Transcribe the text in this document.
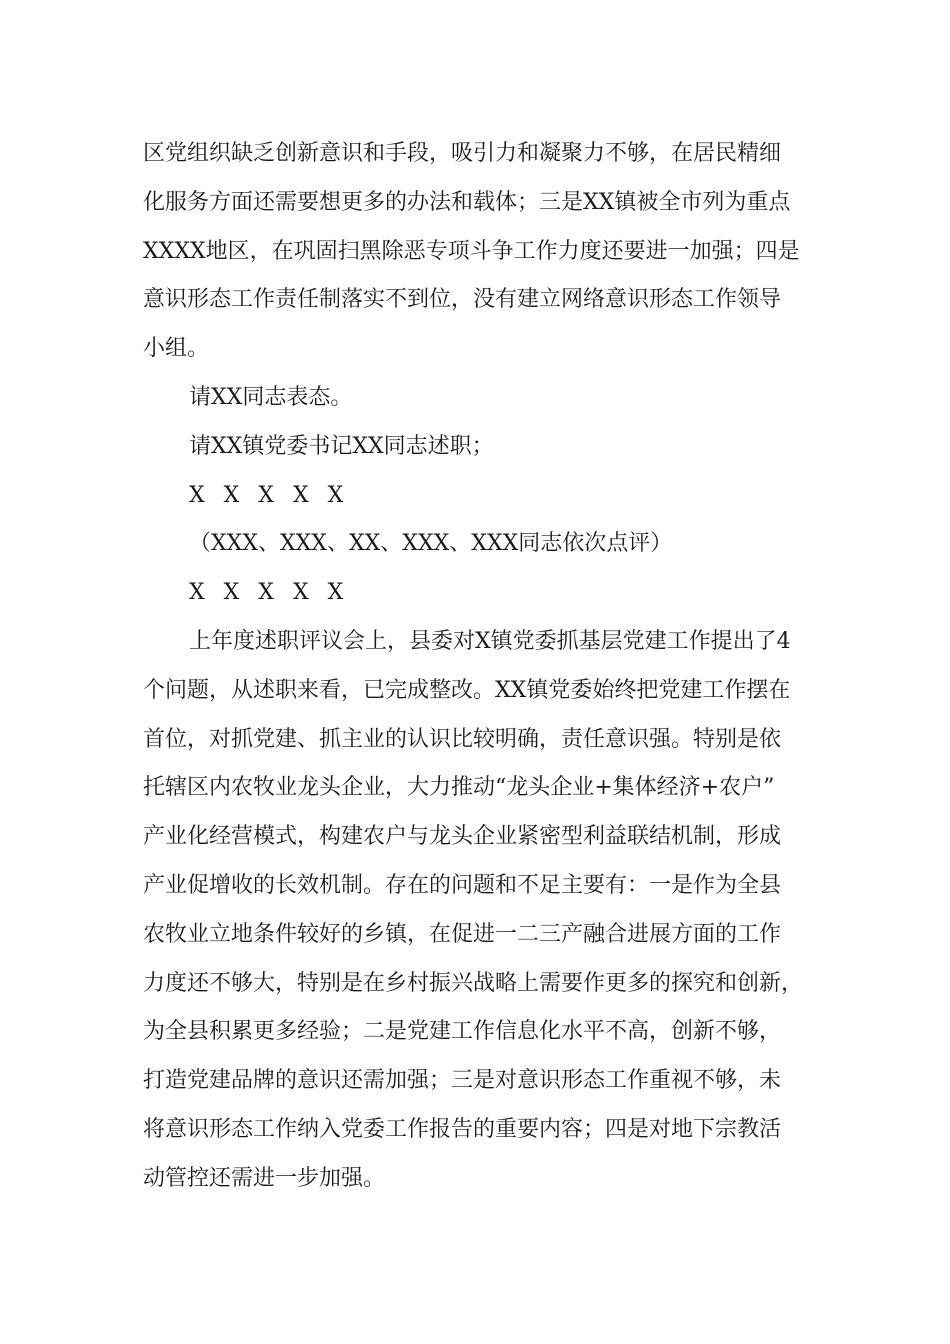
区党组织缺乏创新意识和手段，吸引力和凝聚力不够，在居民精细
化服务方面还需要想更多的办法和载体；三是XX镇被全市列为重点
XXXX地区，在巩固扫黑除恶专项斗争工作力度还要进一加强；四是
意识形态工作责任制落实不到位，没有建立网络意识形态工作领导
小组。
请XX同志表态。
请XX镇党委书记XX同志述职；
X X X X X
（XXX、XXX、XX、XXX、XXX同志依次点评）
X X X X X
上年度述职评议会上，县委对X镇党委抓基层党建工作提出了4
个问题，从述职来看，已完成整改。XX镇党委始终把党建工作摆在
首位，对抓党建、抓主业的认识比较明确，责任意识强。特别是依
托辖区内农牧业龙头企业，大力推动“龙头企业+集体经济+农户”
产业化经营模式，构建农户与龙头企业紧密型利益联结机制，形成
产业促增收的长效机制。存在的问题和不足主要有：一是作为全县
农牧业立地条件较好的乡镇，在促进一二三产融合进展方面的工作
力度还不够大，特别是在乡村振兴战略上需要作更多的探究和创新，
为全县积累更多经验；二是党建工作信息化水平不高，创新不够，
打造党建品牌的意识还需加强；三是对意识形态工作重视不够，未
将意识形态工作纳入党委工作报告的重要内容；四是对地下宗教活
动管控还需进一步加强。
